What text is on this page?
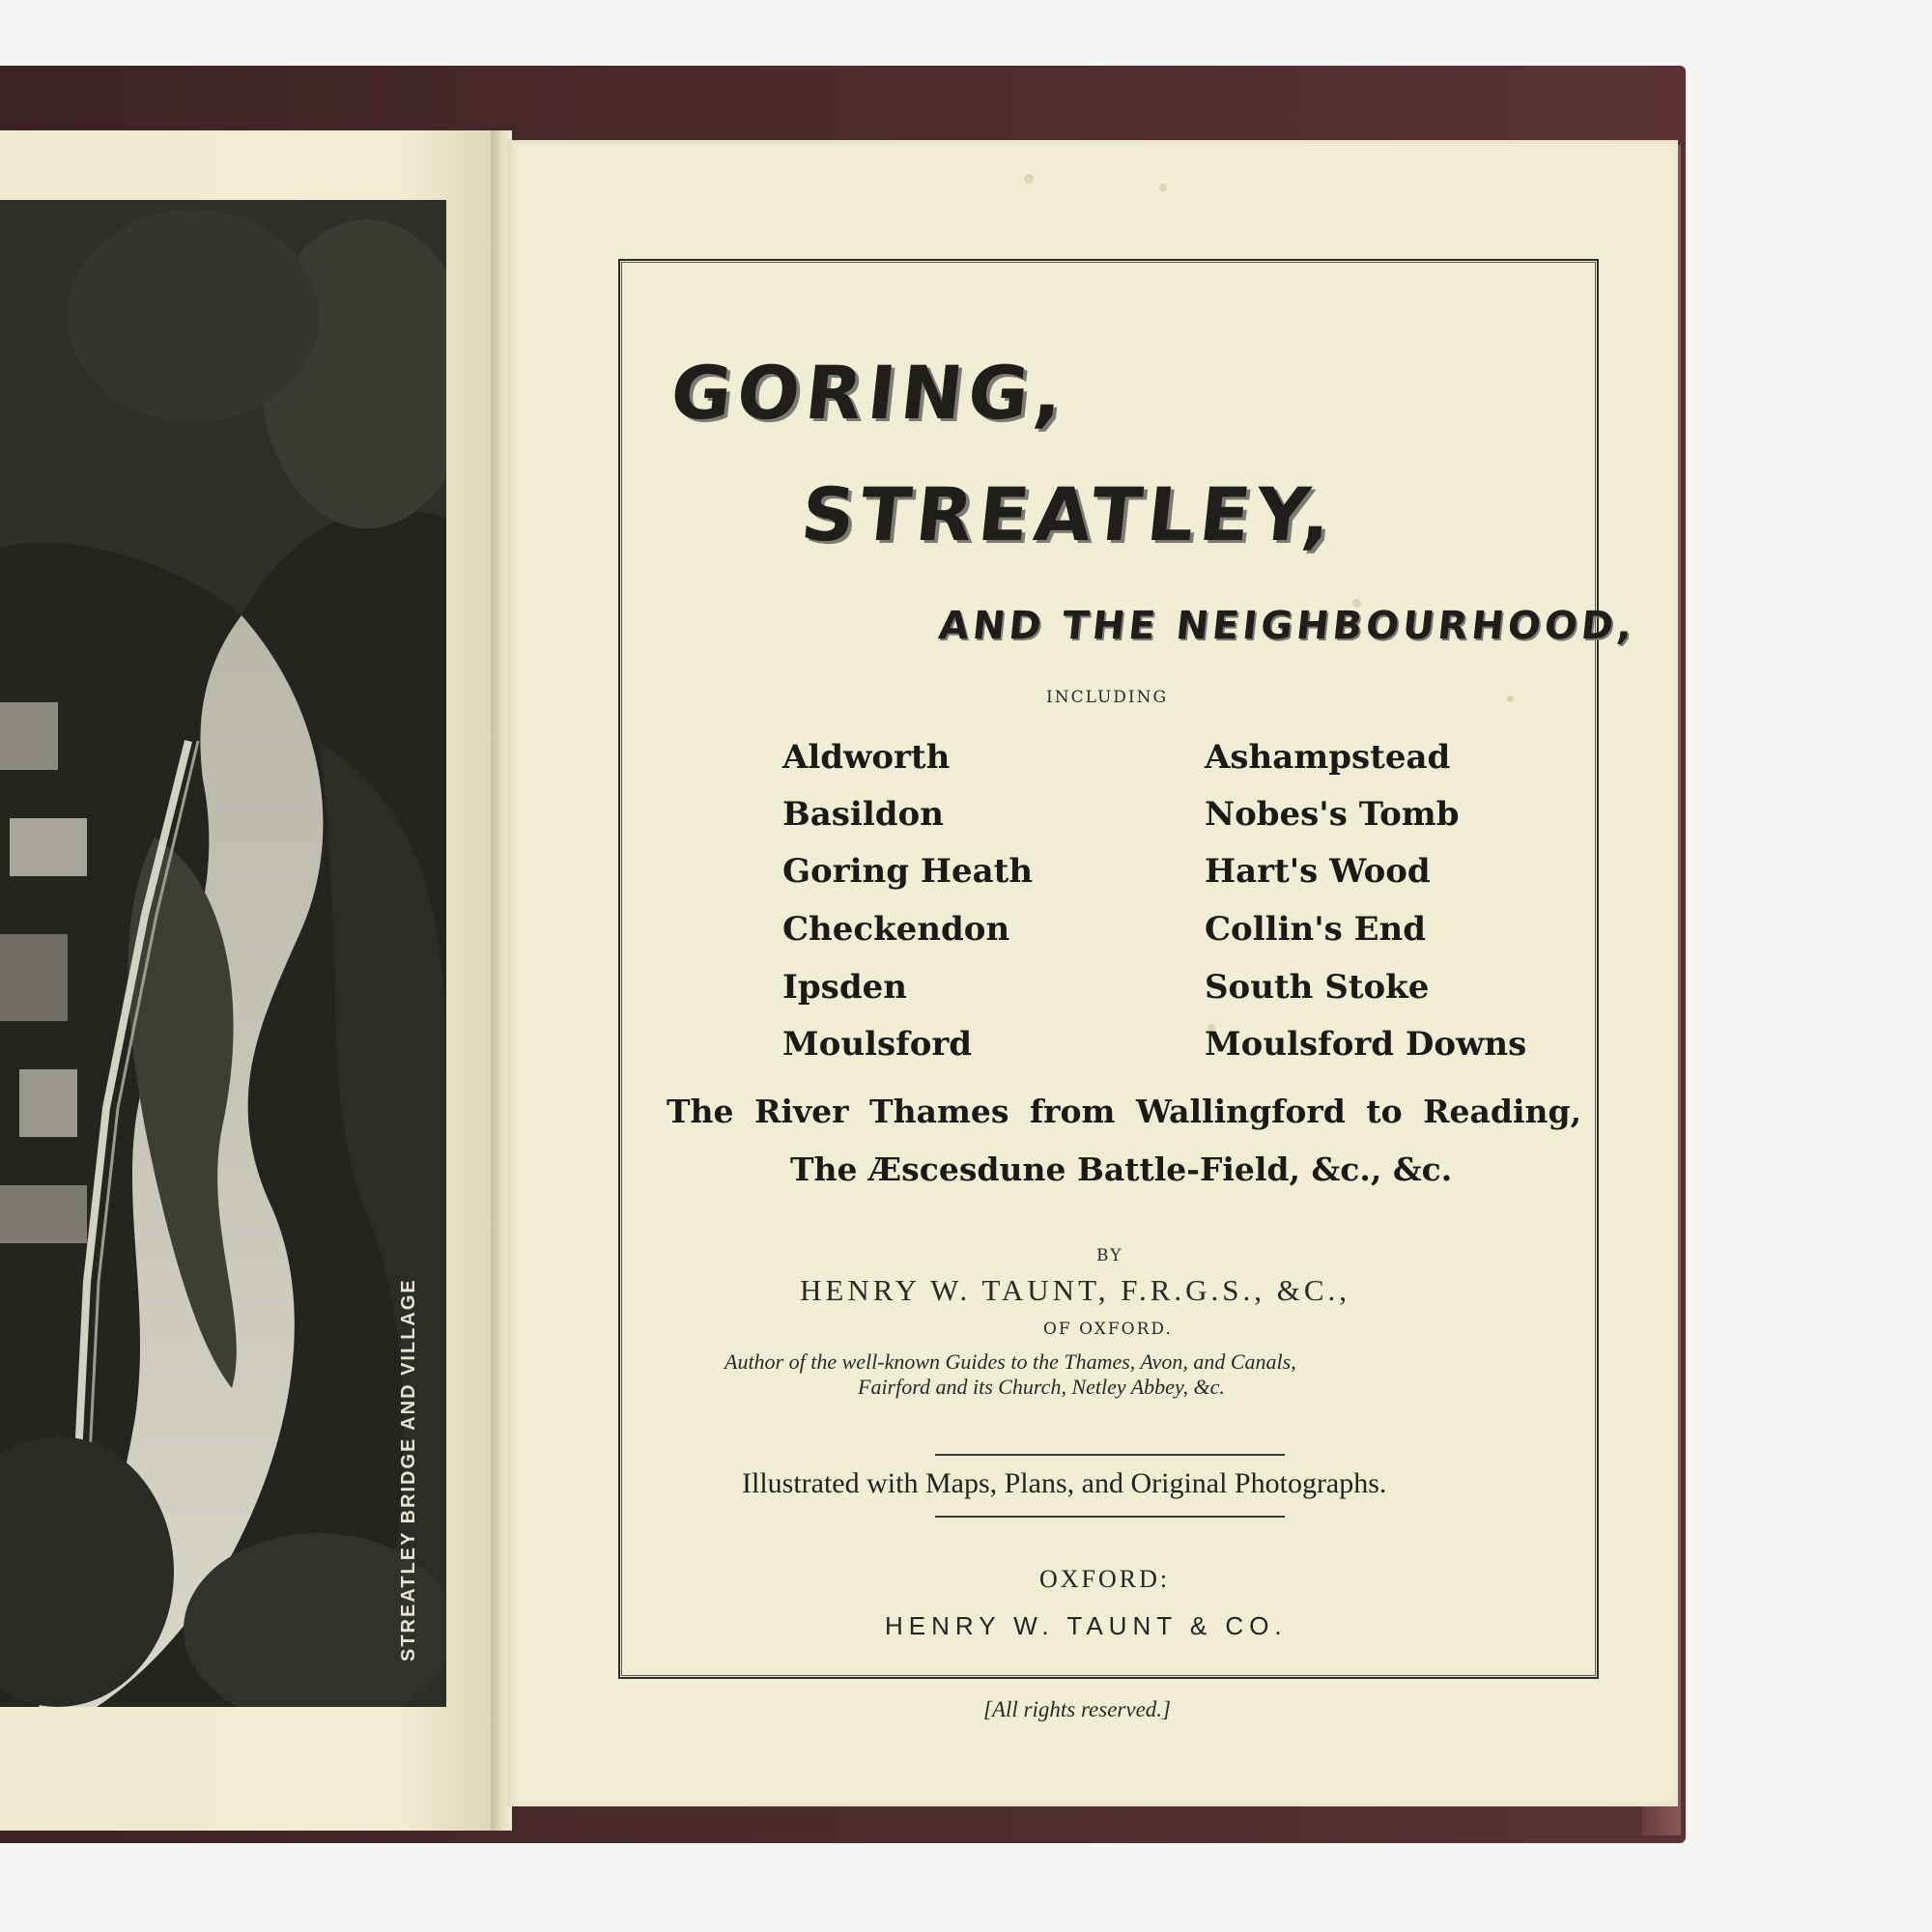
STREATLEY BRIDGE AND VILLAGE
GORING,
STREATLEY,
AND THE NEIGHBOURHOOD,
INCLUDING
Aldworth
Basildon
Goring Heath
Checkendon
Ipsden
Moulsford
Ashampstead
Nobes's Tomb
Hart's Wood
Collin's End
South Stoke
Moulsford Downs
The River Thames from Wallingford to Reading,
The Æscesdune Battle-Field, &c., &c.
BY
HENRY W. TAUNT, F.R.G.S., &C.,
OF OXFORD.
Author of the well-known Guides to the Thames, Avon, and Canals,
Fairford and its Church, Netley Abbey, &c.
Illustrated with Maps, Plans, and Original Photographs.
OXFORD:
HENRY W. TAUNT & CO.
[All rights reserved.]
